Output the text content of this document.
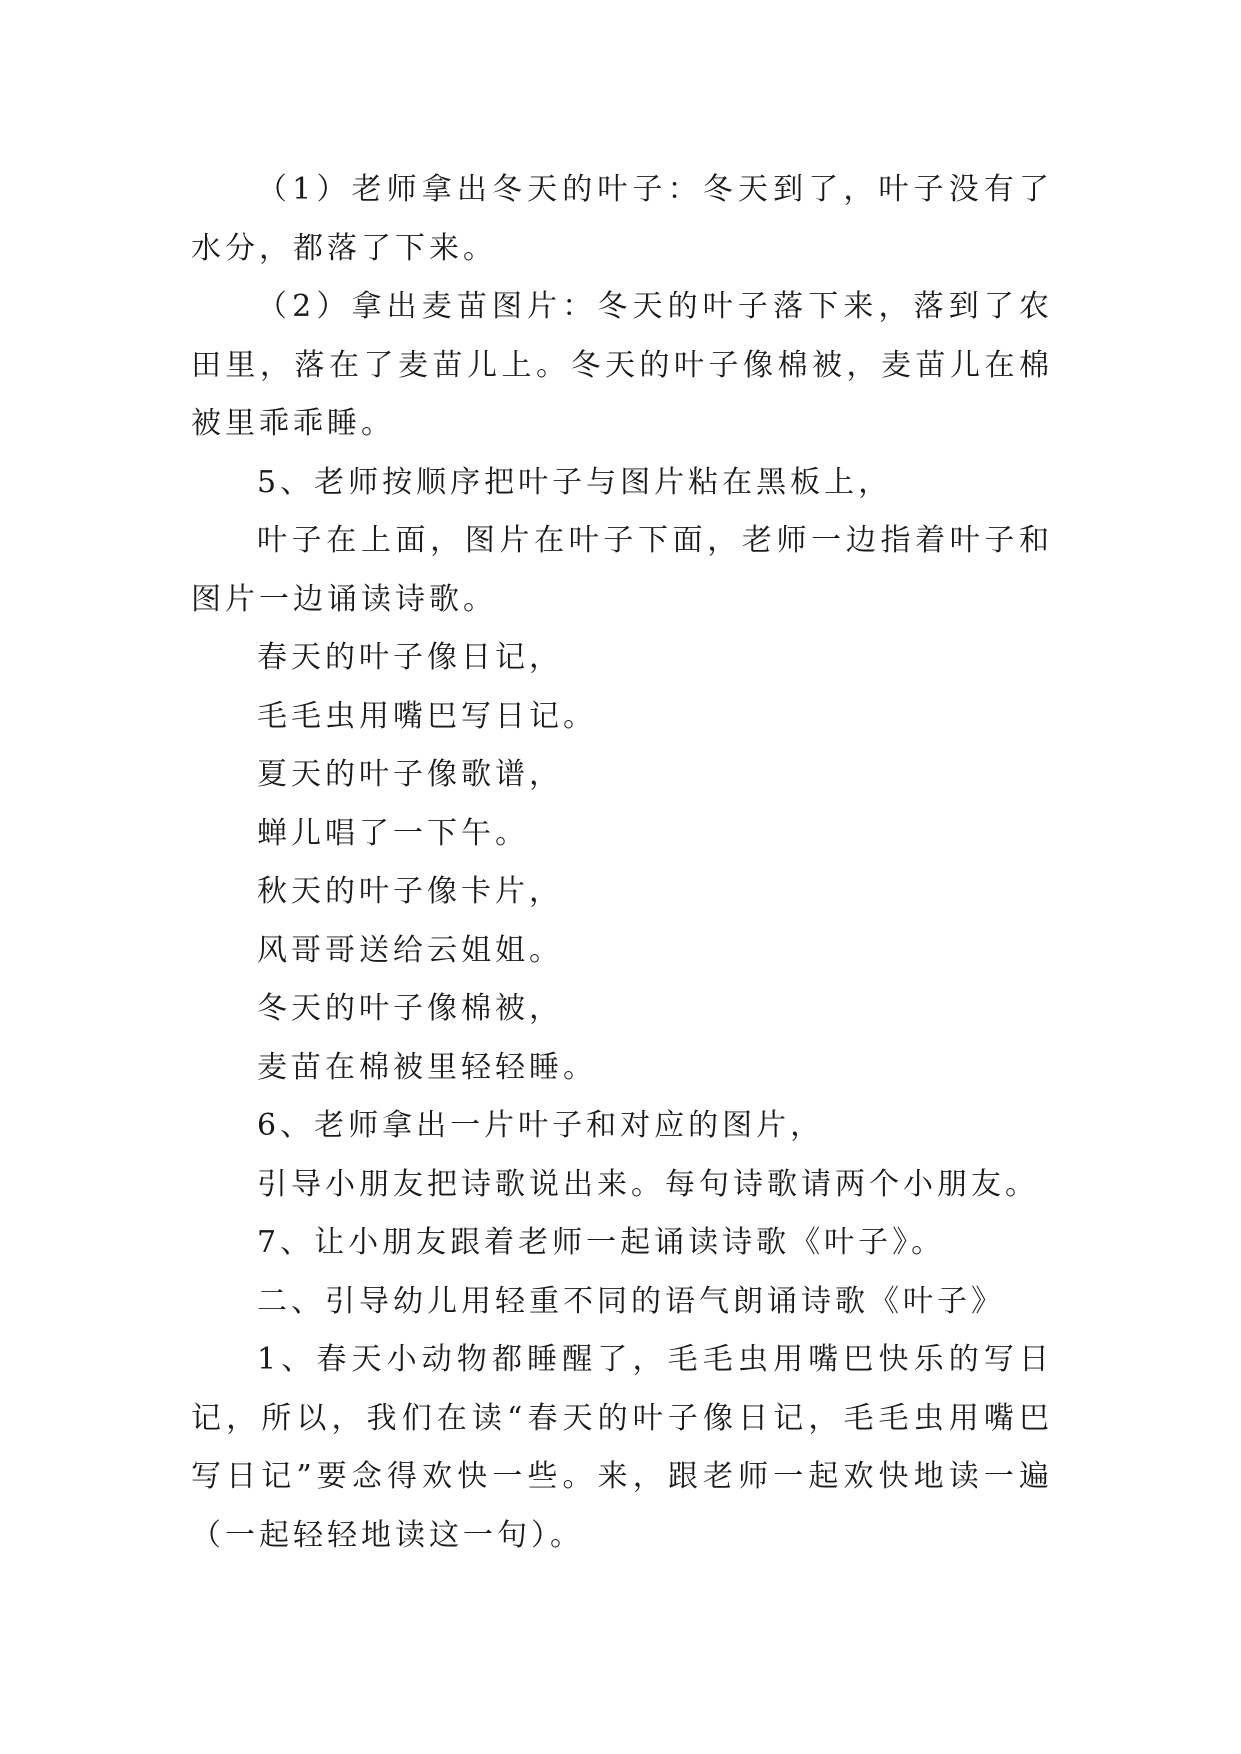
（1）老师拿出冬天的叶子：冬天到了，叶子没有了水分，都落了下来。

（2）拿出麦苗图片：冬天的叶子落下来，落到了农田里，落在了麦苗儿上。冬天的叶子像棉被，麦苗儿在棉被里乖乖睡。

5、老师按顺序把叶子与图片粘在黑板上，

叶子在上面，图片在叶子下面，老师一边指着叶子和图片一边诵读诗歌。

春天的叶子像日记，

毛毛虫用嘴巴写日记。

夏天的叶子像歌谱，

蝉儿唱了一下午。

秋天的叶子像卡片，

风哥哥送给云姐姐。

冬天的叶子像棉被，

麦苗在棉被里轻轻睡。

6、老师拿出一片叶子和对应的图片，

引导小朋友把诗歌说出来。每句诗歌请两个小朋友。

7、让小朋友跟着老师一起诵读诗歌《叶子》。

二、引导幼儿用轻重不同的语气朗诵诗歌《叶子》

1、春天小动物都睡醒了，毛毛虫用嘴巴快乐的写日记，所以，我们在读“春天的叶子像日记，毛毛虫用嘴巴写日记”要念得欢快一些。来，跟老师一起欢快地读一遍（一起轻轻地读这一句）。
